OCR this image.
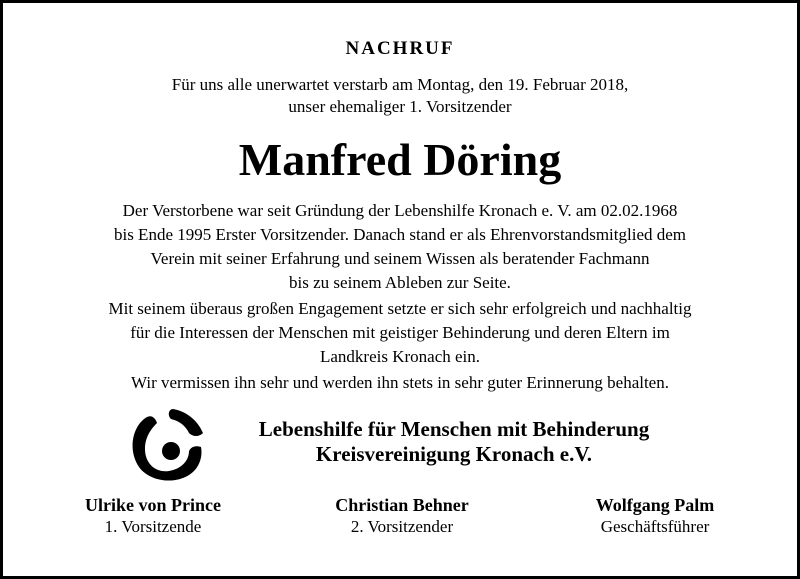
NACHRUF
Für uns alle unerwartet verstarb am Montag, den 19. Februar 2018,
unser ehemaliger 1. Vorsitzender
Manfred Döring
Der Verstorbene war seit Gründung der Lebenshilfe Kronach e. V. am 02.02.1968
bis Ende 1995 Erster Vorsitzender. Danach stand er als Ehrenvorstandsmitglied dem
Verein mit seiner Erfahrung und seinem Wissen als beratender Fachmann
bis zu seinem Ableben zur Seite.
Mit seinem überaus großen Engagement setzte er sich sehr erfolgreich und nachhaltig
für die Interessen der Menschen mit geistiger Behinderung und deren Eltern im
Landkreis Kronach ein.
Wir vermissen ihn sehr und werden ihn stets in sehr guter Erinnerung behalten.
Lebenshilfe für Menschen mit Behinderung
Kreisvereinigung Kronach e.V.
Ulrike von Prince
1. Vorsitzende
Christian Behner
2. Vorsitzender
Wolfgang Palm
Geschäftsführer
